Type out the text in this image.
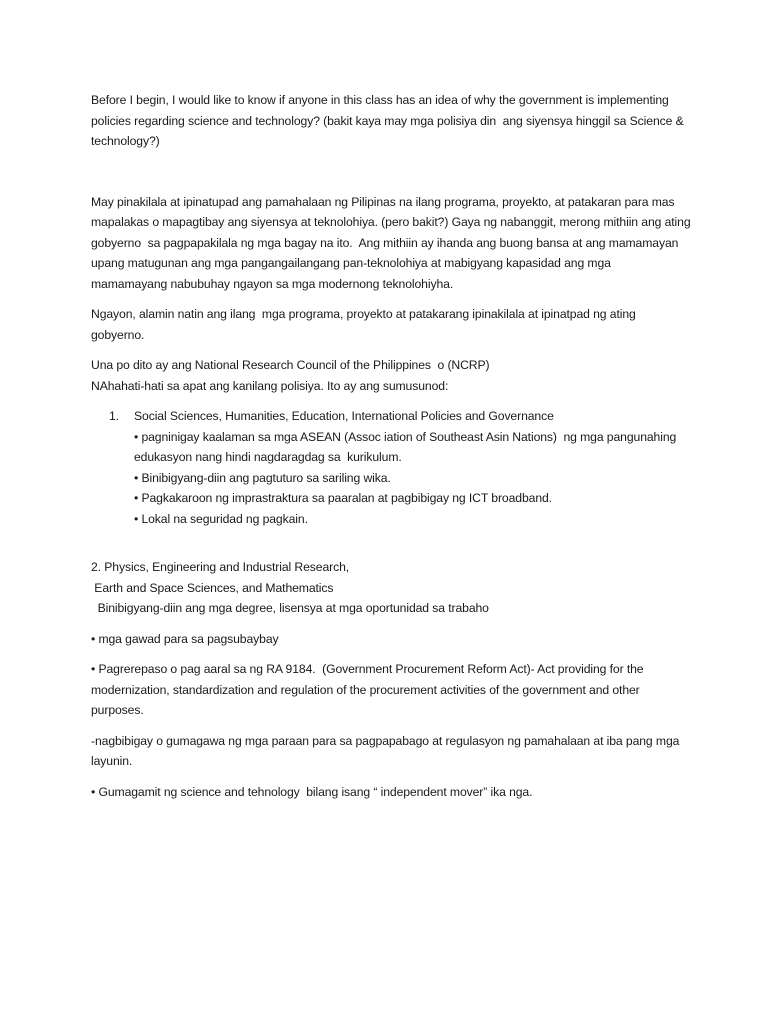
Before I begin, I would like to know if anyone in this class has an idea of why the government is implementing policies regarding science and technology? (bakit kaya may mga polisiya din  ang siyensya hinggil sa Science & technology?)

May pinakilala at ipinatupad ang pamahalaan ng Pilipinas na ilang programa, proyekto, at patakaran para mas mapalakas o mapagtibay ang siyensya at teknolohiya. (pero bakit?) Gaya ng nabanggit, merong mithiin ang ating gobyerno  sa pagpapakilala ng mga bagay na ito.  Ang mithiin ay ihanda ang buong bansa at ang mamamayan upang matugunan ang mga pangangailangang pan-teknolohiya at mabigyang kapasidad ang mga  mamamayang nabubuhay ngayon sa mga modernong teknolohiyha.

Ngayon, alamin natin ang ilang  mga programa, proyekto at patakarang ipinakilala at ipinatpad ng ating gobyerno.

Una po dito ay ang National Research Council of the Philippines  o (NCRP)

NAhahati-hati sa apat ang kanilang polisiya. Ito ay ang sumusunod:

1.	Social Sciences, Humanities, Education, International Policies and Governance
• pagninigay kaalaman sa mga ASEAN (Assoc iation of Southeast Asin Nations)  ng mga pangunahing edukasyon nang hindi nagdaragdag sa  kurikulum.
• Binibigyang-diin ang pagtuturo sa sariling wika.
• Pagkakaroon ng imprastraktura sa paaralan at pagbibigay ng ICT broadband.
• Lokal na seguridad ng pagkain.

2. Physics, Engineering and Industrial Research,

Earth and Space Sciences, and Mathematics

Binibigyang-diin ang mga degree, lisensya at mga oportunidad sa trabaho

• mga gawad para sa pagsubaybay

• Pagrerepaso o pag aaral sa ng RA 9184.  (Government Procurement Reform Act)- Act providing for the modernization, standardization and regulation of the procurement activities of the government and other purposes.

-nagbibigay o gumagawa ng mga paraan para sa pagpapabago at regulasyon ng pamahalaan at iba pang mga layunin.

• Gumagamit ng science and tehnology  bilang isang “ independent mover” ika nga.
